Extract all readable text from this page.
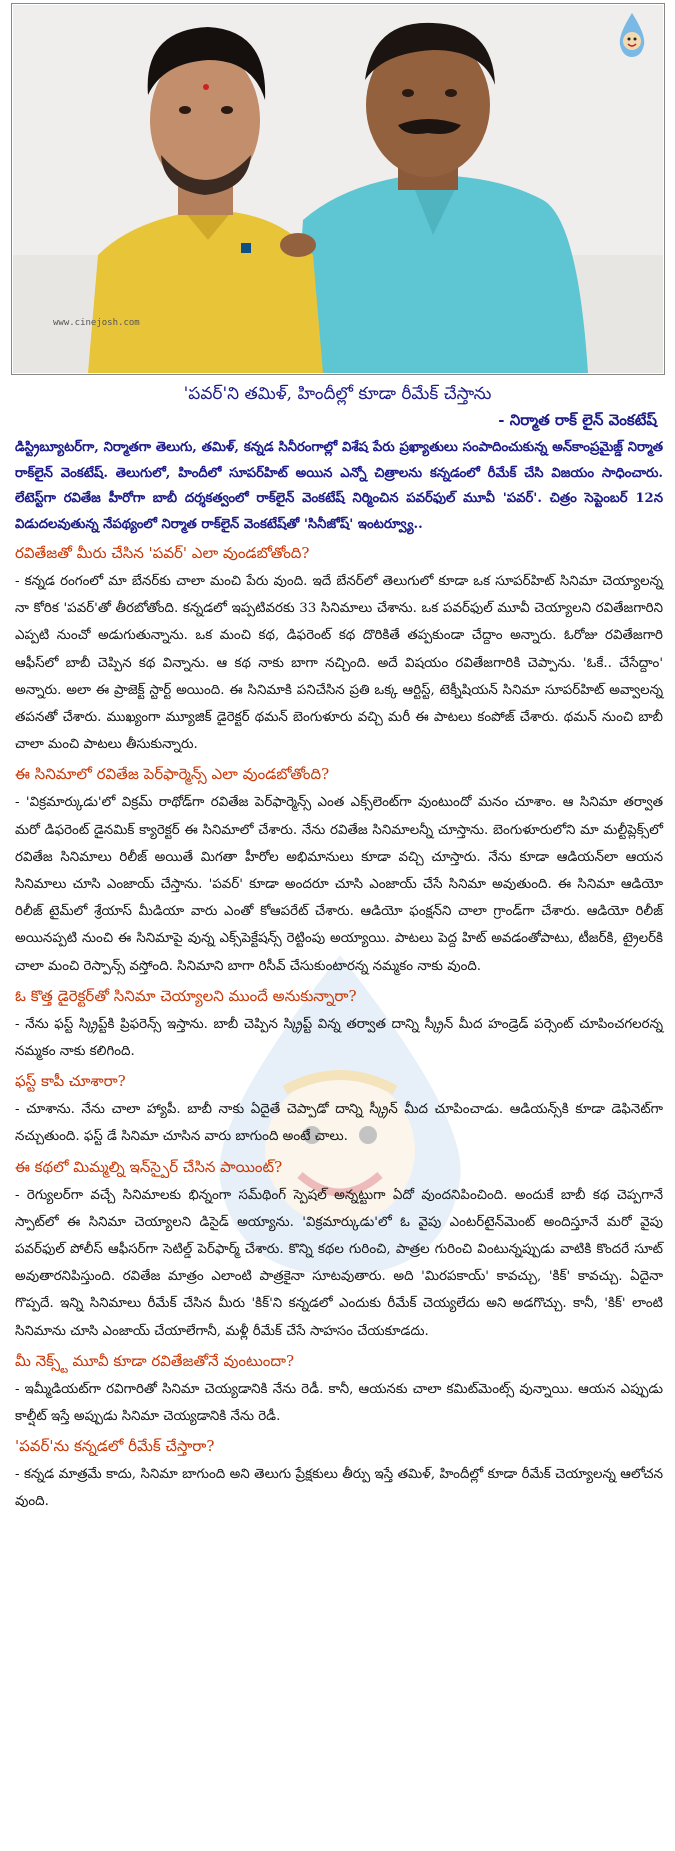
www.cinejosh.com
'పవర్'ని తమిళ్, హిందీల్లో కూడా రీమేక్ చేస్తాను
- నిర్మాత రాక్ లైన్ వెంకటేష్

డిస్ట్రిబ్యూటర్‌గా, నిర్మాతగా తెలుగు, తమిళ్, కన్నడ సినీరంగాల్లో విశేష పేరు ప్రఖ్యాతులు సంపాదించుకున్న అన్‌కాంప్రమైజ్డ్ నిర్మాత రాక్‌లైన్ వెంకటేష్. తెలుగులో, హిందీలో సూపర్‌హిట్ అయిన ఎన్నో చిత్రాలను కన్నడంలో రీమేక్ చేసి విజయం సాధించారు. లేటెస్ట్‌గా రవితేజ హీరోగా బాబీ దర్శకత్వంలో రాక్‌లైన్ వెంకటేష్ నిర్మించిన పవర్‌ఫుల్ మూవీ 'పవర్'. చిత్రం సెప్టెంబర్ 12న విడుదలవుతున్న నేపథ్యంలో నిర్మాత రాక్‌లైన్ వెంకటేష్‌తో 'సినీజోష్' ఇంటర్వ్యూ..

రవితేజతో మీరు చేసిన 'పవర్' ఎలా వుండబోతోంది?

- కన్నడ రంగంలో మా బేనర్‌కు చాలా మంచి పేరు వుంది. ఇదే బేనర్‌లో తెలుగులో కూడా ఒక సూపర్‌హిట్ సినిమా చెయ్యాలన్న నా కోరిక 'పవర్'తో తీరబోతోంది. కన్నడలో ఇప్పటివరకు 33 సినిమాలు చేశాను. ఒక పవర్‌ఫుల్ మూవీ చెయ్యాలని రవితేజగారిని ఎప్పటి నుంచో అడుగుతున్నాను. ఒక మంచి కథ, డిఫరెంట్ కథ దొరికితే తప్పకుండా చేద్దాం అన్నారు. ఓరోజు రవితేజగారి ఆఫీస్‌లో బాబీ చెప్పిన కథ విన్నాను. ఆ కథ నాకు బాగా నచ్చింది. అదే విషయం రవితేజగారికి చెప్పాను. 'ఓకే.. చేసేద్దాం' అన్నారు. అలా ఈ ప్రాజెక్ట్ స్టార్ట్ అయింది. ఈ సినిమాకి పనిచేసిన ప్రతి ఒక్క ఆర్టిస్ట్, టెక్నీషియన్ సినిమా సూపర్‌హిట్ అవ్వాలన్న తపనతో చేశారు. ముఖ్యంగా మ్యూజిక్ డైరెక్టర్ థమన్ బెంగుళూరు వచ్చి మరీ ఈ పాటలు కంపోజ్ చేశారు. థమన్ నుంచి బాబీ చాలా మంచి పాటలు తీసుకున్నారు.

ఈ సినిమాలో రవితేజ పెర్‌ఫార్మెన్స్ ఎలా వుండబోతోంది?

- 'విక్రమార్కుడు'లో విక్రమ్ రాథోడ్‌గా రవితేజ పెర్‌ఫార్మెన్స్ ఎంత ఎక్స్‌లెంట్‌గా వుంటుందో మనం చూశాం. ఆ సినిమా తర్వాత మరో డిఫరెంట్ డైనమిక్ క్యారెక్టర్ ఈ సినిమాలో చేశారు. నేను రవితేజ సినిమాలన్నీ చూస్తాను. బెంగుళూరులోని మా మల్టీప్లెక్స్‌లో రవితేజ సినిమాలు రిలీజ్ అయితే మిగతా హీరోల అభిమానులు కూడా వచ్చి చూస్తారు. నేను కూడా ఆడియన్‌లా ఆయన సినిమాలు చూసి ఎంజాయ్ చేస్తాను. 'పవర్' కూడా అందరూ చూసి ఎంజాయ్ చేసే సినిమా అవుతుంది. ఈ సినిమా ఆడియో రిలీజ్ టైమ్‌లో శ్రేయాస్ మీడియా వారు ఎంతో కోఆపరేట్ చేశారు. ఆడియో ఫంక్షన్‌ని చాలా గ్రాండ్‌గా చేశారు. ఆడియో రిలీజ్ అయినప్పటి నుంచి ఈ సినిమాపై వున్న ఎక్స్‌పెక్టేషన్స్ రెట్టింపు అయ్యాయి. పాటలు పెద్ద హిట్ అవడంతోపాటు, టీజర్‌కి, ట్రైలర్‌కి చాలా మంచి రెస్పాన్స్ వస్తోంది. సినిమాని బాగా రిసీవ్ చేసుకుంటారన్న నమ్మకం నాకు వుంది.

ఓ కొత్త డైరెక్టర్‌తో సినిమా చెయ్యాలని ముందే అనుకున్నారా?

- నేను ఫస్ట్ స్క్రిప్ట్‌కి ప్రిఫరెన్స్ ఇస్తాను. బాబీ చెప్పిన స్క్రిప్ట్ విన్న తర్వాత దాన్ని స్క్రీన్ మీద హండ్రెడ్ పర్సెంట్ చూపించగలరన్న నమ్మకం నాకు కలిగింది.

ఫస్ట్ కాపీ చూశారా?

- చూశాను. నేను చాలా హ్యాపీ. బాబీ నాకు ఏదైతే చెప్పాడో దాన్ని స్క్రీన్ మీద చూపించాడు. ఆడియన్స్‌కి కూడా డెఫినెట్‌గా నచ్చుతుంది. ఫస్ట్ డే సినిమా చూసిన వారు బాగుంది అంటే చాలు.

ఈ కథలో మిమ్మల్ని ఇన్‌స్పైర్ చేసిన పాయింట్?

- రెగ్యులర్‌గా వచ్చే సినిమాలకు భిన్నంగా సమ్‌థింగ్ స్పెషల్ అన్నట్టుగా ఏదో వుందనిపించింది. అందుకే బాబీ కథ చెప్పగానే స్పాట్‌లో ఈ సినిమా చెయ్యాలని డిసైడ్ అయ్యాను. 'విక్రమార్కుడు'లో ఓ వైపు ఎంటర్‌టైన్‌మెంట్ అందిస్తూనే మరో వైపు పవర్‌ఫుల్ పోలీస్ ఆఫీసర్‌గా సెటిల్డ్ పెర్‌ఫార్మ్ చేశారు. కొన్ని కథల గురించి, పాత్రల గురించి వింటున్నప్పుడు వాటికి కొందరే సూట్ అవుతారనిపిస్తుంది. రవితేజ మాత్రం ఎలాంటి పాత్రకైనా సూటవుతారు. అది 'మిరపకాయ్' కావచ్చు, 'కిక్' కావచ్చు. ఏదైనా గొప్పదే. ఇన్ని సినిమాలు రీమేక్ చేసిన మీరు 'కిక్'ని కన్నడలో ఎందుకు రీమేక్ చెయ్యలేదు అని అడగొచ్చు. కానీ, 'కిక్' లాంటి సినిమాను చూసి ఎంజాయ్ చేయాలేగానీ, మళ్లీ రీమేక్ చేసే సాహసం చేయకూడదు.

మీ నెక్స్ట్ మూవీ కూడా రవితేజతోనే వుంటుందా?

- ఇమ్మీడియట్‌గా రవిగారితో సినిమా చెయ్యడానికి నేను రెడీ. కానీ, ఆయనకు చాలా కమిట్‌మెంట్స్ వున్నాయి. ఆయన ఎప్పుడు కాల్షీట్ ఇస్తే అప్పుడు సినిమా చెయ్యడానికి నేను రెడీ.

'పవర్'ను కన్నడలో రీమేక్ చేస్తారా?

- కన్నడ మాత్రమే కాదు, సినిమా బాగుంది అని తెలుగు ప్రేక్షకులు తీర్పు ఇస్తే తమిళ్, హిందీల్లో కూడా రీమేక్ చెయ్యాలన్న ఆలోచన వుంది.
